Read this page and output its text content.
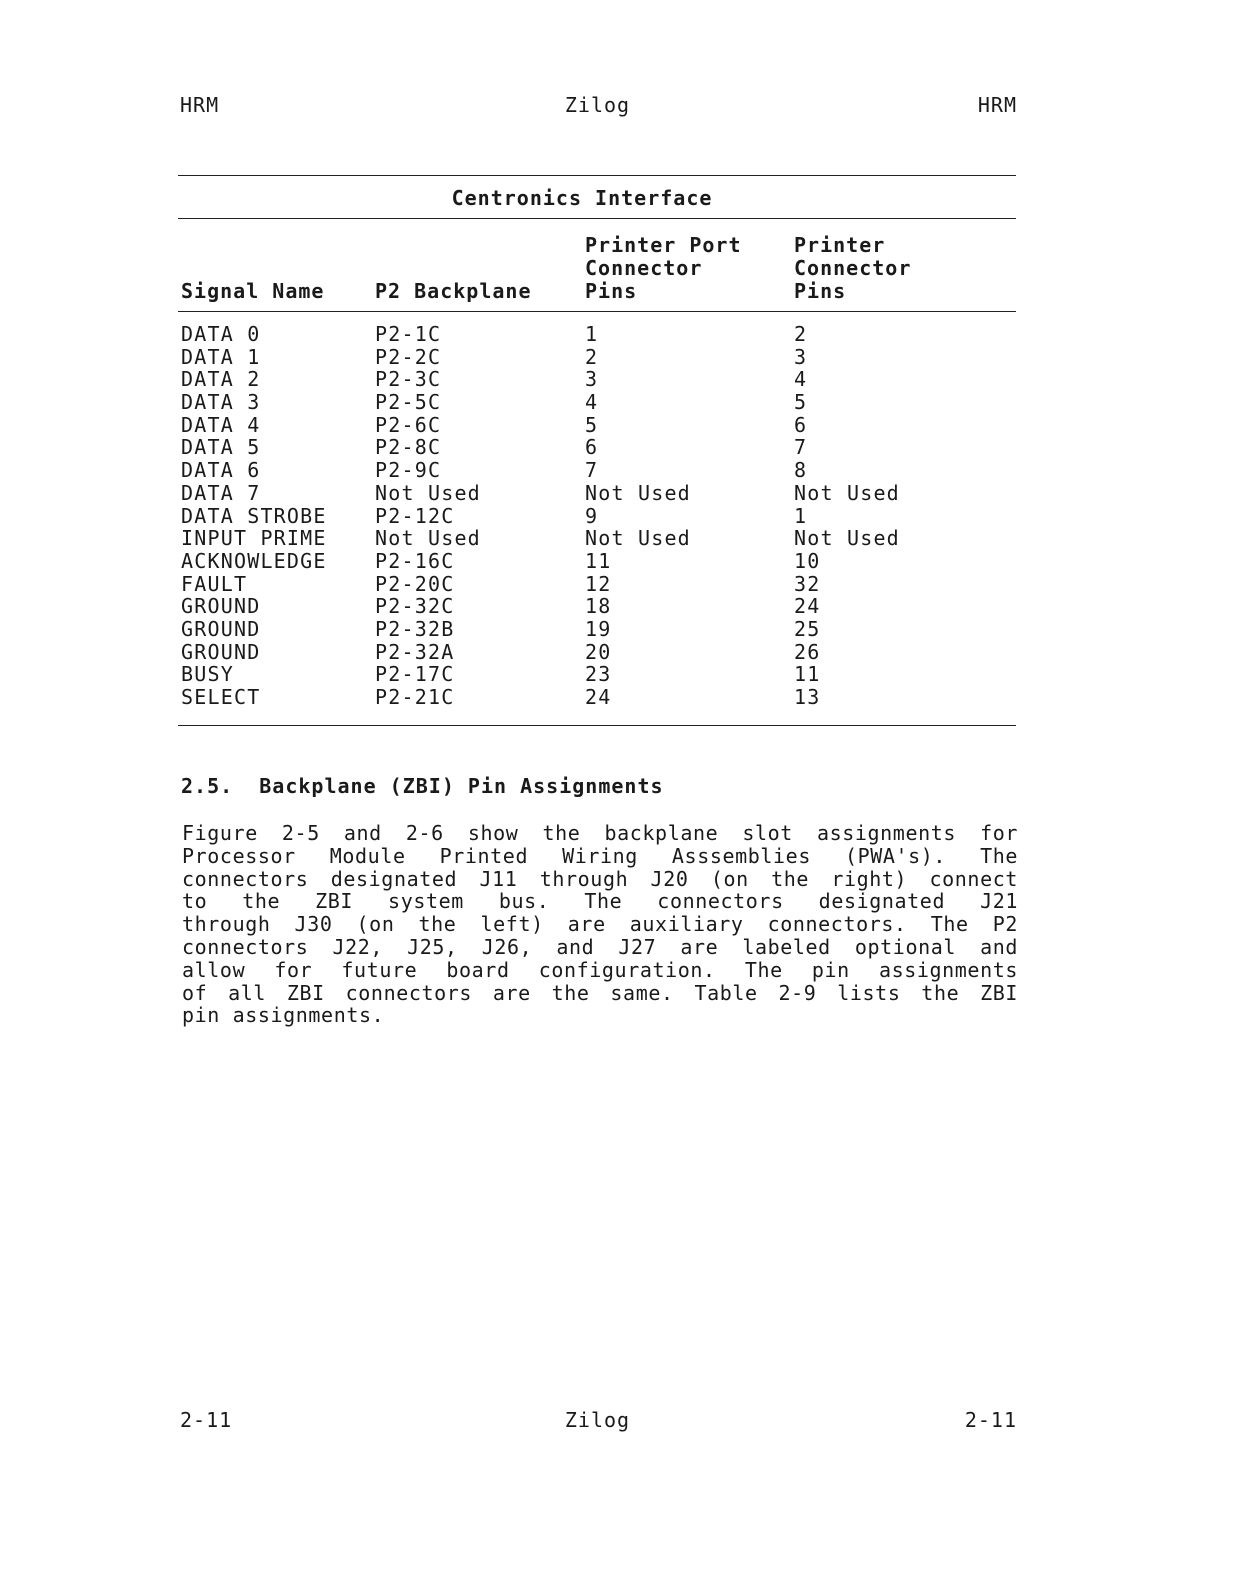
HRM	Zilog	HRM
Centronics Interface
Signal Name	P2 Backplane
Printer Port
Connector
Pins
Printer
Connector
Pins
DATA 0	P2-1C	1	2
DATA 1	P2-2C	2	3
DATA 2	P2-3C	3	4
DATA 3	P2-5C	4	5
DATA 4	P2-6C	5	6
DATA 5	P2-8C	6	7
DATA 6	P2-9C	7	8
DATA 7	Not Used	Not Used	Not Used
DATA STROBE P2-12C	9	1
INPUT PRIME Not Used	Not Used	Not Used
ACKNOWLEDGE P2-16C	11	10
FAULT	P2-20C	12	32
GROUND	P2-32C	18	24
GROUND	P2-32B	19	25
GROUND	P2-32A	20	26
BUSY	P2-17C	23	11
SELECT	P2-21C	24	13
2.5. Backplane (ZBI) Pin Assignments
Figure 2-5 and 2-6 show the backplane slot assignments for
Processor Module Printed Wiring Asssemblies (PWA's). The
connectors designated J11 through J20 (on the right) connect
to the ZBI system bus. The connectors designated J21
through J30 (on the left) are auxiliary connectors. The P2
connectors J22, J25, J26, and J27 are labeled optional and
allow for future board configuration. The pin assignments
of all ZBI connectors are the same. Table 2-9 lists the ZBI
pin assignments.
2-11	Zilog	2-11
